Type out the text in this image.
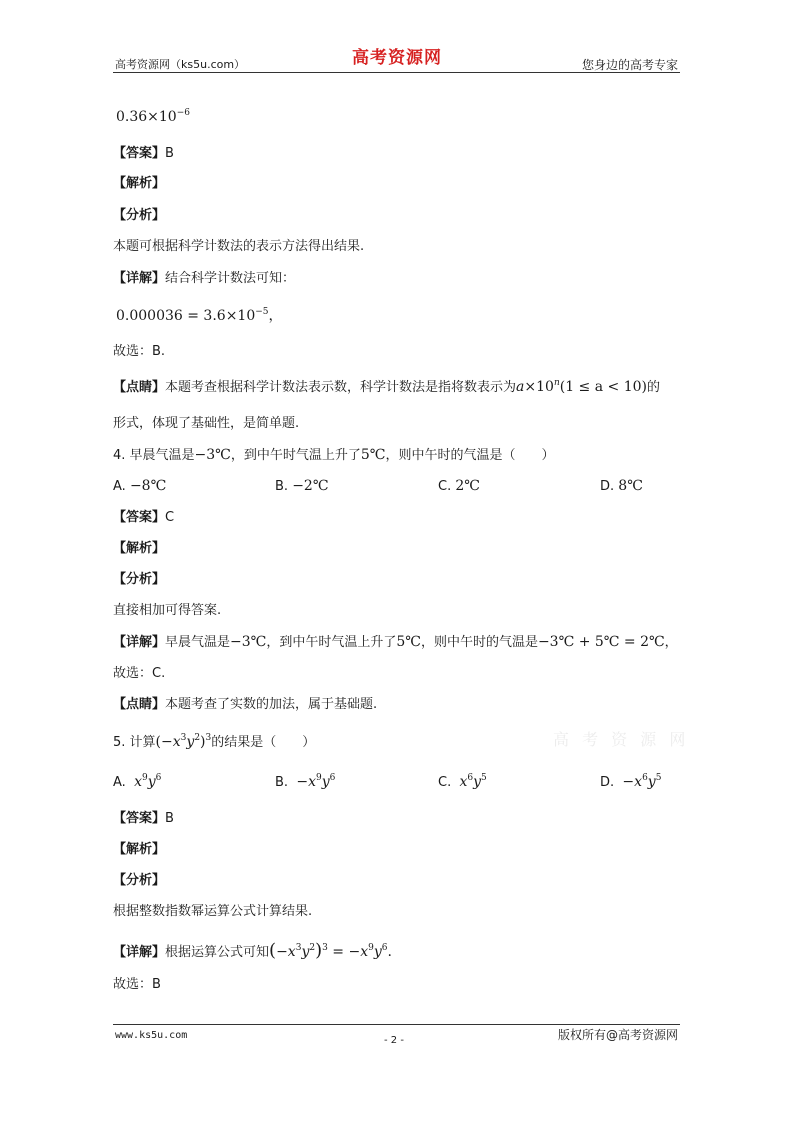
高考资源网（ks5u.com）	高考资源网	您身边的高考专家
$0.36\times 10^{-6}$
【答案】B
【解析】
【分析】
本题可根据科学计数法的表示方法得出结果.
【详解】结合科学计数法可知：
$0.000036 = 3.6\times 10^{-5}$，
故选：B.
【点睛】本题考查根据科学计数法表示数，科学计数法是指将数表示为$a\times 10^n(1 \le a < 10)$的
形式，体现了基础性，是简单题.
4. 早晨气温是−3℃，到中午时气温上升了5℃，则中午时的气温是（　　）
A. −8℃	B. −2℃	C. 2℃	D. 8℃
【答案】C
【解析】
【分析】
直接相加可得答案.
【详解】早晨气温是−3℃，到中午时气温上升了5℃，则中午时的气温是−3℃ + 5℃ = 2℃，
故选：C.
【点睛】本题考查了实数的加法，属于基础题.
高 考 资 源 网
5. 计算$(-x^3y^2)^3$的结果是（　　）
A. $x^9y^6$	B. $-x^9y^6$	C. $x^6y^5$	D. $-x^6y^5$
【答案】B
【解析】
【分析】
根据整数指数幂运算公式计算结果.
【详解】根据运算公式可知$(-x^3y^2)^3 = -x^9y^6$.
故选：B
www.ks5u.com	- 2 -	版权所有@高考资源网
